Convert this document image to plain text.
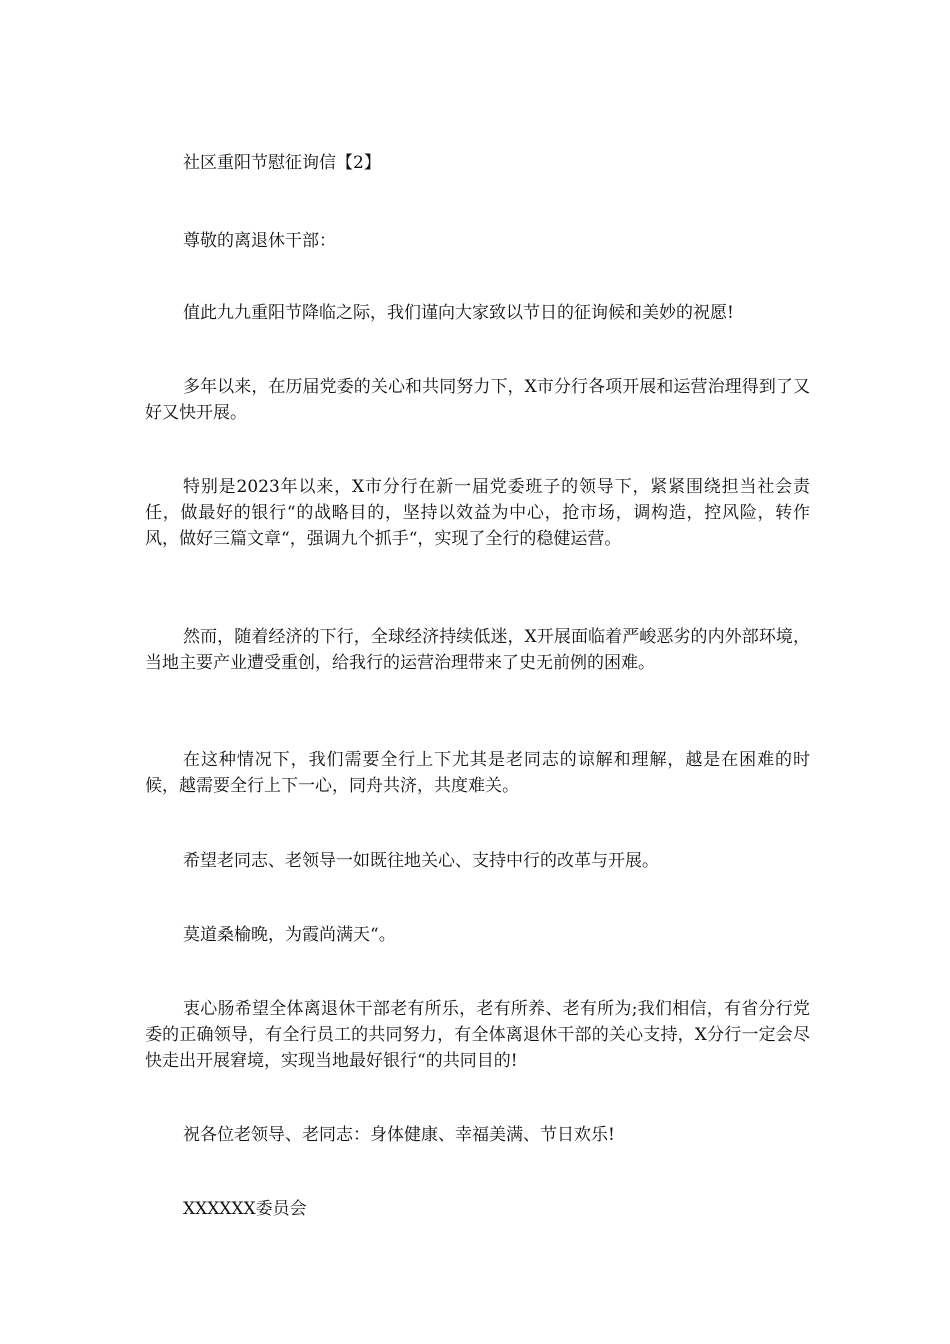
社区重阳节慰征询信【2】

尊敬的离退休干部：

值此九九重阳节降临之际，我们谨向大家致以节日的征询候和美妙的祝愿!

多年以来，在历届党委的关心和共同努力下，X市分行各项开展和运营治理得到了又好又快开展。

特别是2023年以来，X市分行在新一届党委班子的领导下，紧紧围绕担当社会责任，做最好的银行“的战略目的，坚持以效益为中心，抢市场，调构造，控风险，转作风，做好三篇文章“，强调九个抓手“，实现了全行的稳健运营。

然而，随着经济的下行，全球经济持续低迷，X开展面临着严峻恶劣的内外部环境，当地主要产业遭受重创，给我行的运营治理带来了史无前例的困难。

在这种情况下，我们需要全行上下尤其是老同志的谅解和理解，越是在困难的时候，越需要全行上下一心，同舟共济，共度难关。

希望老同志、老领导一如既往地关心、支持中行的改革与开展。

莫道桑榆晚，为霞尚满天“。

衷心肠希望全体离退休干部老有所乐，老有所养、老有所为;我们相信，有省分行党委的正确领导，有全行员工的共同努力，有全体离退休干部的关心支持，X分行一定会尽快走出开展窘境，实现当地最好银行“的共同目的!

祝各位老领导、老同志：身体健康、幸福美满、节日欢乐!

XXXXXX委员会
